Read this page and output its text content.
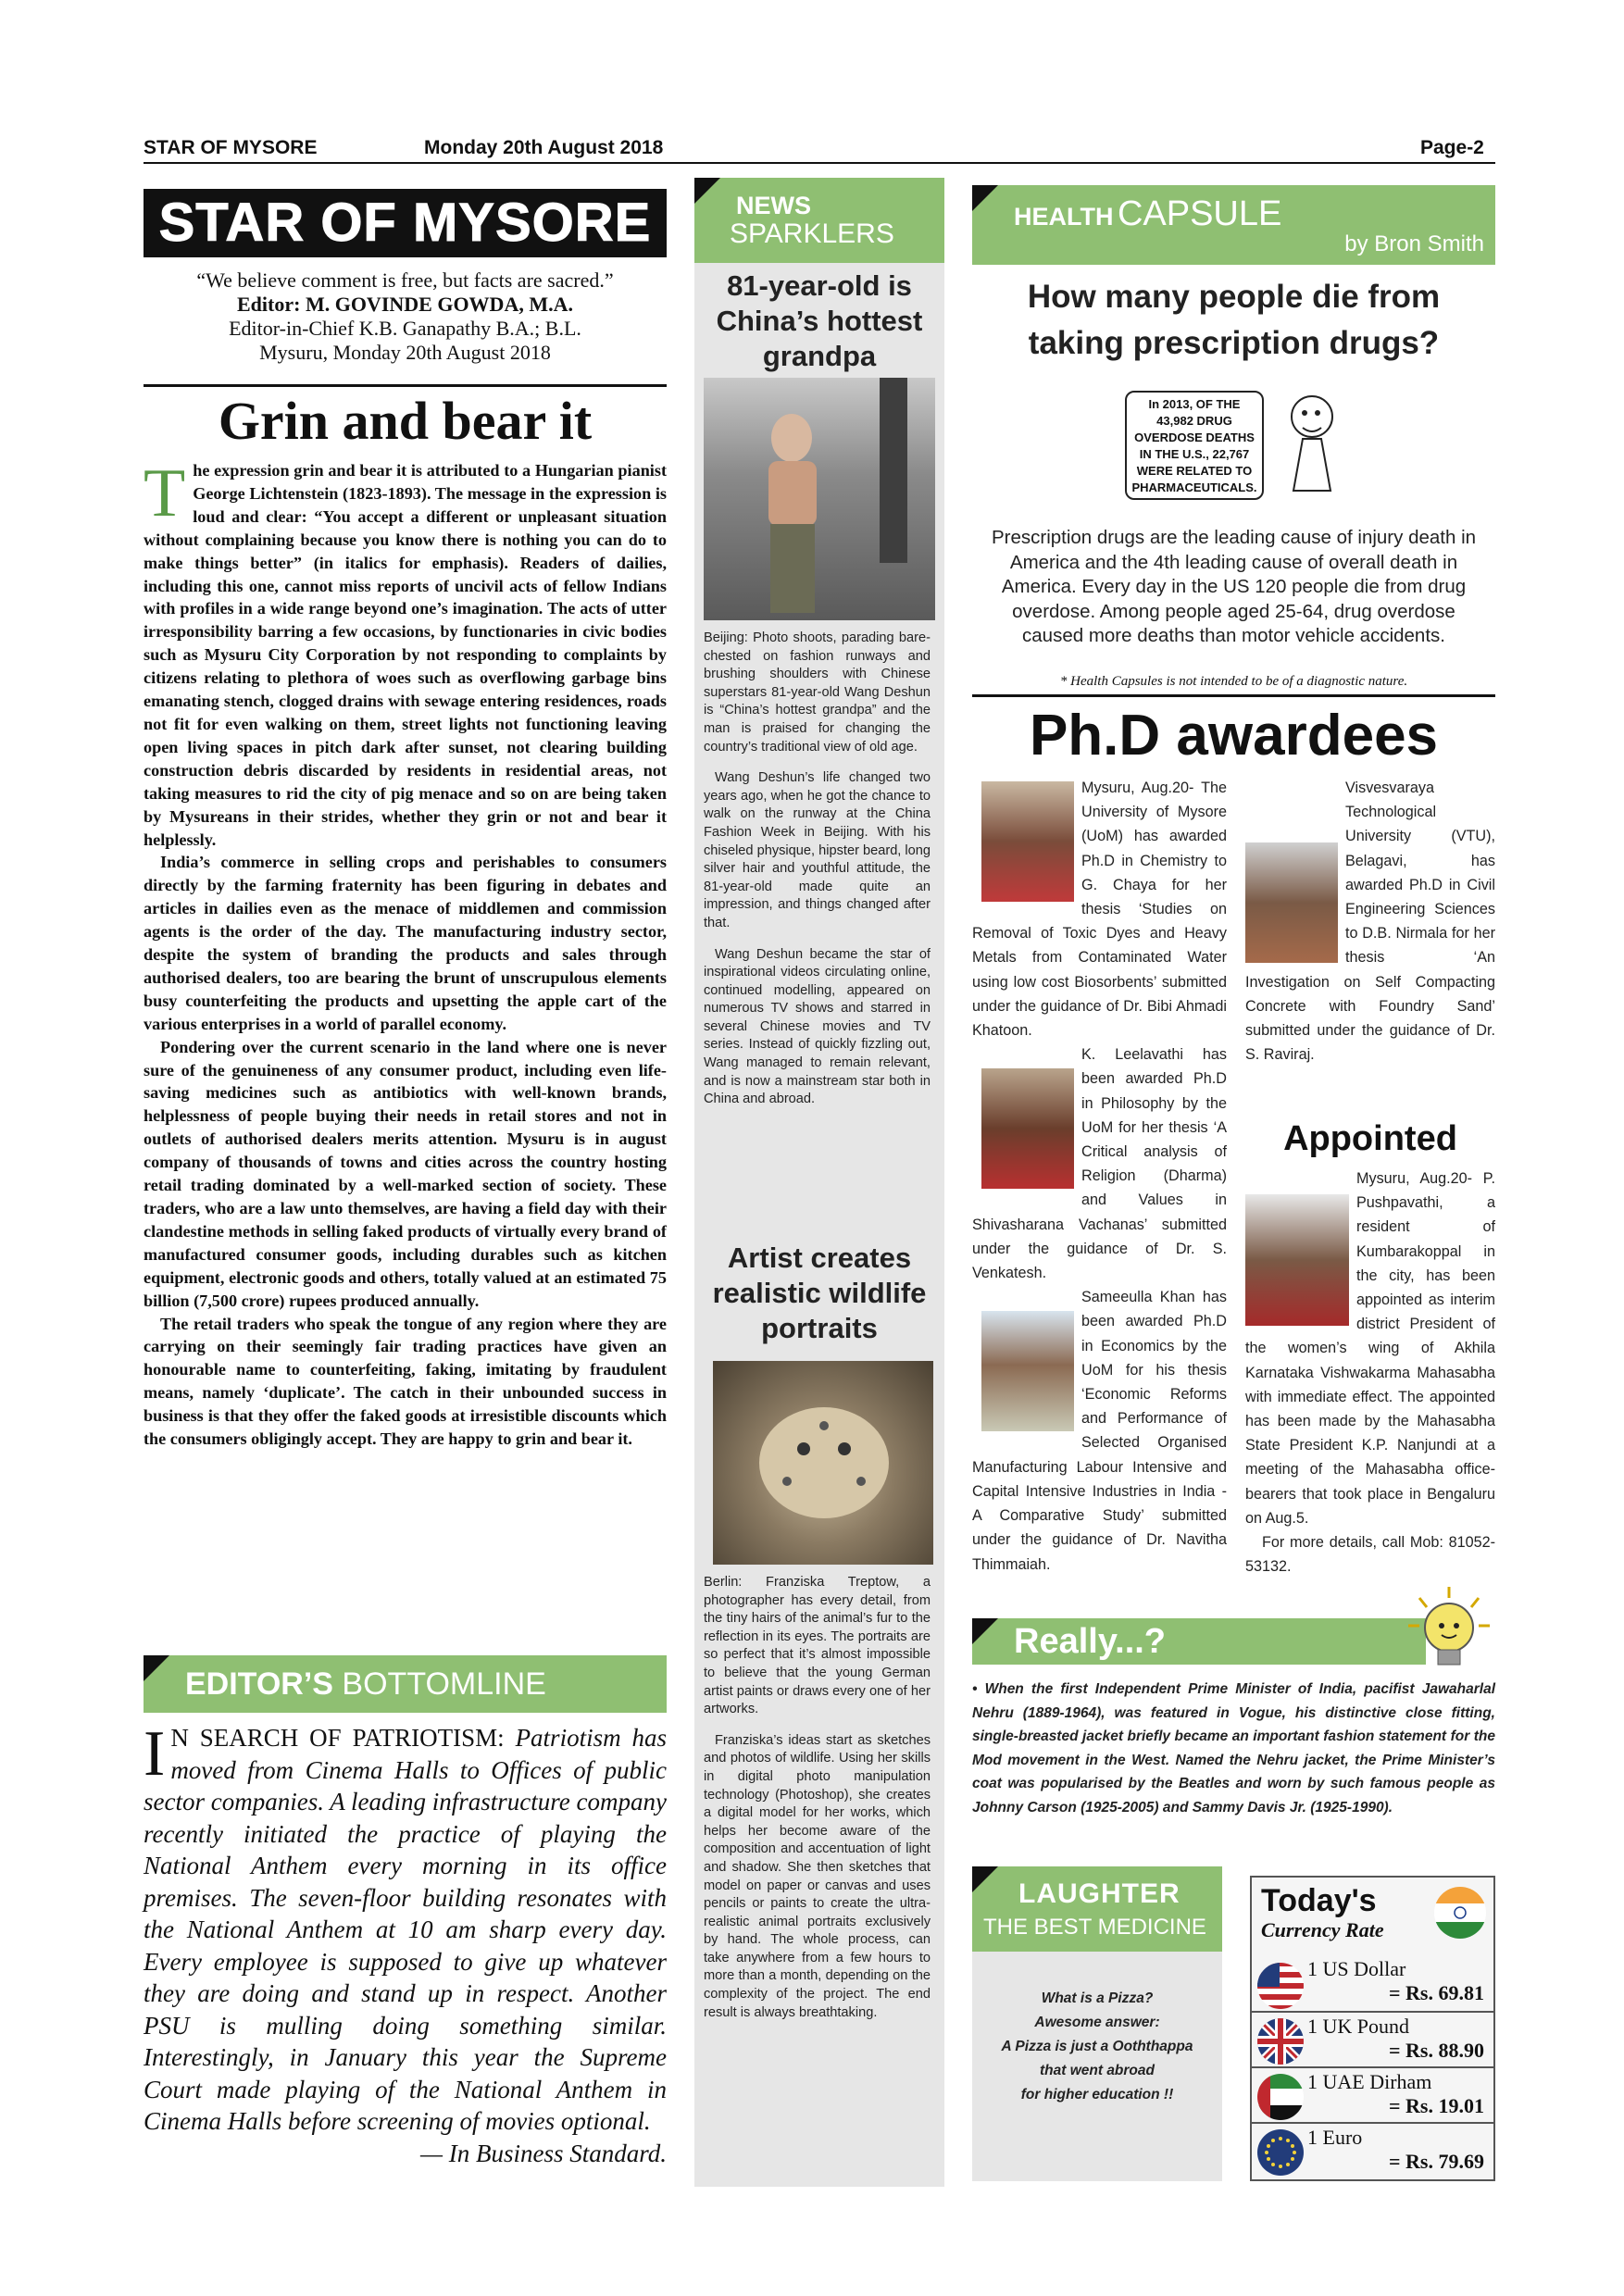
STAR OF MYSORE	Monday 20th August 2018	Page-2
STAR OF MYSORE
“We believe comment is free, but facts are sacred.”
Editor: M. GOVINDE GOWDA, M.A.
Editor-in-Chief K.B. Ganapathy B.A.; B.L.
Mysuru, Monday 20th August 2018
Grin and bear it
T he expression grin and bear it is attributed to a Hungarian pianist George Lichtenstein (1823-1893). The message in the expression is loud and clear: “You accept a different or unpleasant situation without complaining because you know there is nothing you can do to make things better” (in italics for emphasis). Readers of dailies, including this one, cannot miss reports of uncivil acts of fellow Indians with profiles in a wide range beyond one’s imagination. The acts of utter irresponsibility barring a few occasions, by functionaries in civic bodies such as Mysuru City Corporation by not responding to complaints by citizens relating to plethora of woes such as overflowing garbage bins emanating stench, clogged drains with sewage entering residences, roads not fit for even walking on them, street lights not functioning leaving open living spaces in pitch dark after sunset, not clearing building construction debris discarded by residents in residential areas, not taking measures to rid the city of pig menace and so on are being taken by Mysureans in their strides, whether they grin or not and bear it helplessly.

India’s commerce in selling crops and perishables to consumers directly by the farming fraternity has been figuring in debates and articles in dailies even as the menace of middlemen and commission agents is the order of the day. The manufacturing industry sector, despite the system of branding the products and sales through authorised dealers, too are bearing the brunt of unscrupulous elements busy counterfeiting the products and upsetting the apple cart of the various enterprises in a world of parallel economy.

Pondering over the current scenario in the land where one is never sure of the genuineness of any consumer product, including even life-saving medicines such as antibiotics with well-known brands, helplessness of people buying their needs in retail stores and not in outlets of authorised dealers merits attention. Mysuru is in august company of thousands of towns and cities across the country hosting retail trading dominated by a well-marked section of society. These traders, who are a law unto themselves, are having a field day with their clandestine methods in selling faked products of virtually every brand of manufactured consumer goods, including durables such as kitchen equipment, electronic goods and others, totally valued at an estimated 75 billion (7,500 crore) rupees produced annually.

The retail traders who speak the tongue of any region where they are carrying on their seemingly fair trading practices have given an honourable name to counterfeiting, faking, imitating by fraudulent means, namely ‘duplicate’. The catch in their unbounded success in business is that they offer the faked goods at irresistible discounts which the consumers obligingly accept. They are happy to grin and bear it.

EDITOR’S BOTTOMLINE
I N SEARCH OF PATRIOTISM: Patriotism has moved from Cinema Halls to Offices of public sector companies. A leading infrastructure company recently initiated the practice of playing the National Anthem every morning in its office premises. The seven-floor building resonates with the National Anthem at 10 am sharp every day. Every employee is supposed to give up whatever they are doing and stand up in respect. Another PSU is mulling doing something similar. Interestingly, in January this year the Supreme Court made playing of the National Anthem in Cinema Halls before screening of movies optional.
— In Business Standard.
NEWS
SPARKLERS
81-year-old is China’s hottest grandpa

Beijing: Photo shoots, parading bare-chested on fashion runways and brushing shoulders with Chinese superstars 81-year-old Wang Deshun is “China’s hottest grandpa” and the man is praised for changing the country’s traditional view of old age.

Wang Deshun’s life changed two years ago, when he got the chance to walk on the runway at the China Fashion Week in Beijing. With his chiseled physique, hipster beard, long silver hair and youthful attitude, the 81-year-old made quite an impression, and things changed after that.

Wang Deshun became the star of inspirational videos circulating online, continued modelling, appeared on numerous TV shows and starred in several Chinese movies and TV series. Instead of quickly fizzling out, Wang managed to remain relevant, and is now a mainstream star both in China and abroad.

Artist creates realistic wildlife portraits

Berlin: Franziska Treptow, a photographer has every detail, from the tiny hairs of the animal’s fur to the reflection in its eyes. The portraits are so perfect that it’s almost impossible to believe that the young German artist paints or draws every one of her artworks.

Franziska’s ideas start as sketches and photos of wildlife. Using her skills in digital photo manipulation technology (Photoshop), she creates a digital model for her works, which helps her become aware of the composition and accentuation of light and shadow. She then sketches that model on paper or canvas and uses pencils or paints to create the ultra-realistic animal portraits exclusively by hand. The whole process, can take anywhere from a few hours to more than a month, depending on the complexity of the project. The end result is always breathtaking.

HEALTH CAPSULE
by Bron Smith
How many people die from taking prescription drugs?
In 2013, OF THE 43,982 DRUG OVERDOSE DEATHS IN THE U.S., 22,767 WERE RELATED TO PHARMACEUTICALS.
Prescription drugs are the leading cause of injury death in America and the 4th leading cause of overall death in America. Every day in the US 120 people die from drug overdose. Among people aged 25-64, drug overdose caused more deaths than motor vehicle accidents.
* Health Capsules is not intended to be of a diagnostic nature.
Ph.D awardees

Mysuru, Aug.20- The University of Mysore (UoM) has awarded Ph.D in Chemistry to G. Chaya for her thesis ‘Studies on Removal of Toxic Dyes and Heavy Metals from Contaminated Water using low cost Biosorbents’ submitted under the guidance of Dr. Bibi Ahmadi Khatoon.

K. Leelavathi has been awarded Ph.D in Philosophy by the UoM for her thesis ‘A Critical analysis of Religion (Dharma) and Values in Shivasharana Vachanas’ submitted under the guidance of Dr. S. Venkatesh.

Sameeulla Khan has been awarded Ph.D in Economics by the UoM for his thesis ‘Economic Reforms and Performance of Selected Organised Manufacturing Labour Intensive and Capital Intensive Industries in India - A Comparative Study’ submitted under the guidance of Dr. Navitha Thimmaiah.

Visvesvaraya Technological University (VTU), Belagavi, has awarded Ph.D in Civil Engineering Sciences to D.B. Nirmala for her thesis ‘An Investigation on Self Compacting Concrete with Foundry Sand’ submitted under the guidance of Dr. S. Raviraj.

Appointed

Mysuru, Aug.20- P. Pushpavathi, a resident of Kumbarakoppal in the city, has been appointed as interim district President of the women’s wing of Akhila Karnataka Vishwakarma Mahasabha with immediate effect. The appointed has been made by the Mahasabha State President K.P. Nanjundi at a meeting of the Mahasabha office-bearers that took place in Bengaluru on Aug.5.

For more details, call Mob: 81052-53132.

Really...?
• When the first Independent Prime Minister of India, pacifist Jawaharlal Nehru (1889-1964), was featured in Vogue, his distinctive close fitting, single-breasted jacket briefly became an important fashion statement for the Mod movement in the West. Named the Nehru jacket, the Prime Minister’s coat was popularised by the Beatles and worn by such famous people as Johnny Carson (1925-2005) and Sammy Davis Jr. (1925-1990).
LAUGHTER
THE BEST MEDICINE
What is a Pizza?
Awesome answer:
A Pizza is just a Ooththappa
that went abroad
for higher education !!
Today's
Currency Rate
1 US Dollar
= Rs. 69.81
1 UK Pound
= Rs. 88.90
1 UAE Dirham
= Rs. 19.01
1 Euro
= Rs. 79.69
